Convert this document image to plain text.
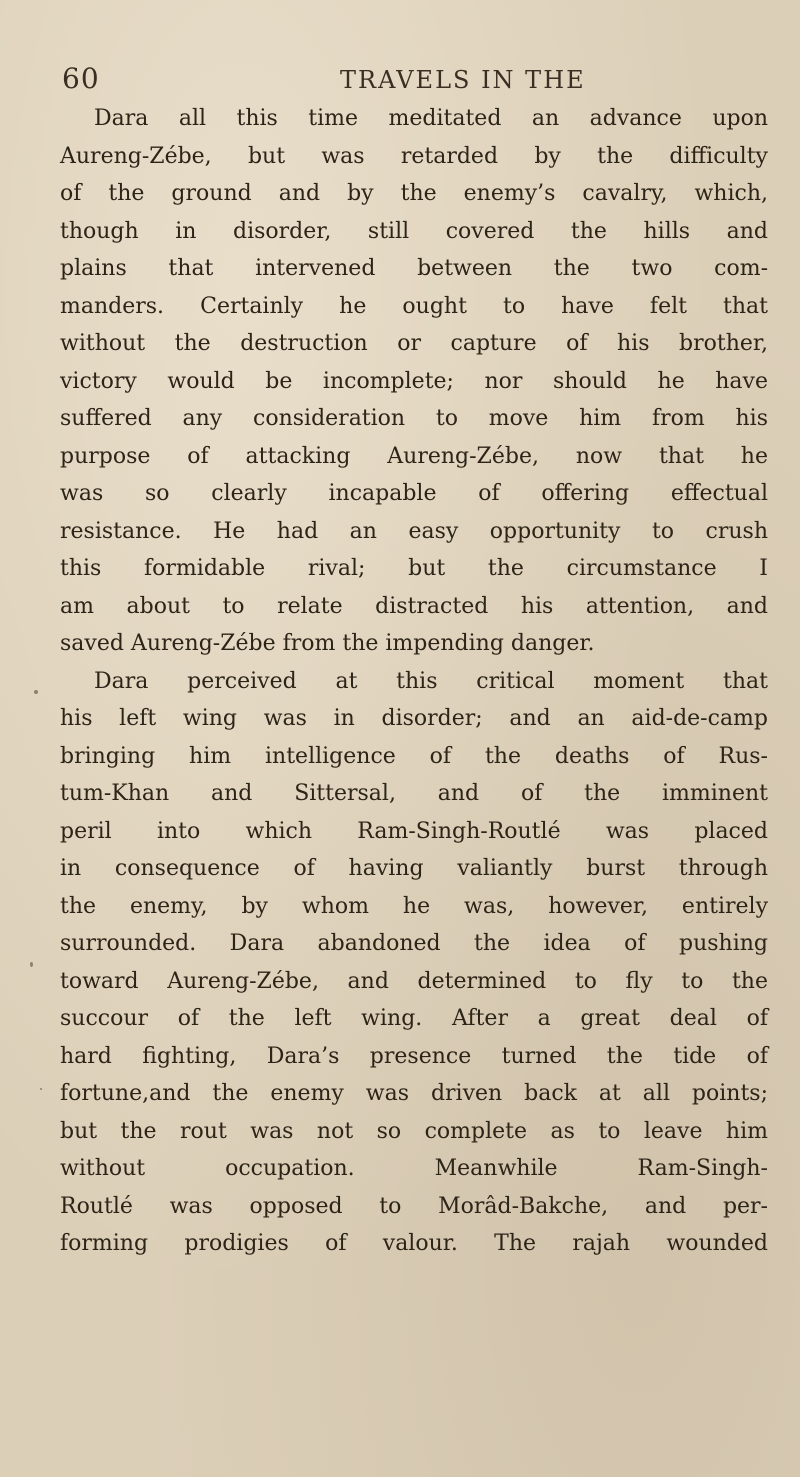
60	TRAVELS IN THE
Dara all this time meditated an advance upon
Aureng-Zébe, but was retarded by the difficulty
of the ground and by the enemy’s cavalry, which,
though in disorder, still covered the hills and
plains that intervened between the two com-
manders. Certainly he ought to have felt that
without the destruction or capture of his brother,
victory would be incomplete; nor should he have
suffered any consideration to move him from his
purpose of attacking Aureng-Zébe, now that he
was so clearly incapable of offering effectual
resistance. He had an easy opportunity to crush
this formidable rival; but the circumstance I
am about to relate distracted his attention, and
saved Aureng-Zébe from the impending danger.
Dara perceived at this critical moment that
his left wing was in disorder; and an aid-de-camp
bringing him intelligence of the deaths of Rus-
tum-Khan and Sittersal, and of the imminent
peril into which Ram-Singh-Routlé was placed
in consequence of having valiantly burst through
the enemy, by whom he was, however, entirely
surrounded. Dara abandoned the idea of pushing
toward Aureng-Zébe, and determined to fly to the
succour of the left wing. After a great deal of
hard fighting, Dara’s presence turned the tide of
fortune,and the enemy was driven back at all points;
but the rout was not so complete as to leave him
without occupation. Meanwhile Ram-Singh-
Routlé was opposed to Morâd-Bakche, and per-
forming prodigies of valour. The rajah wounded
